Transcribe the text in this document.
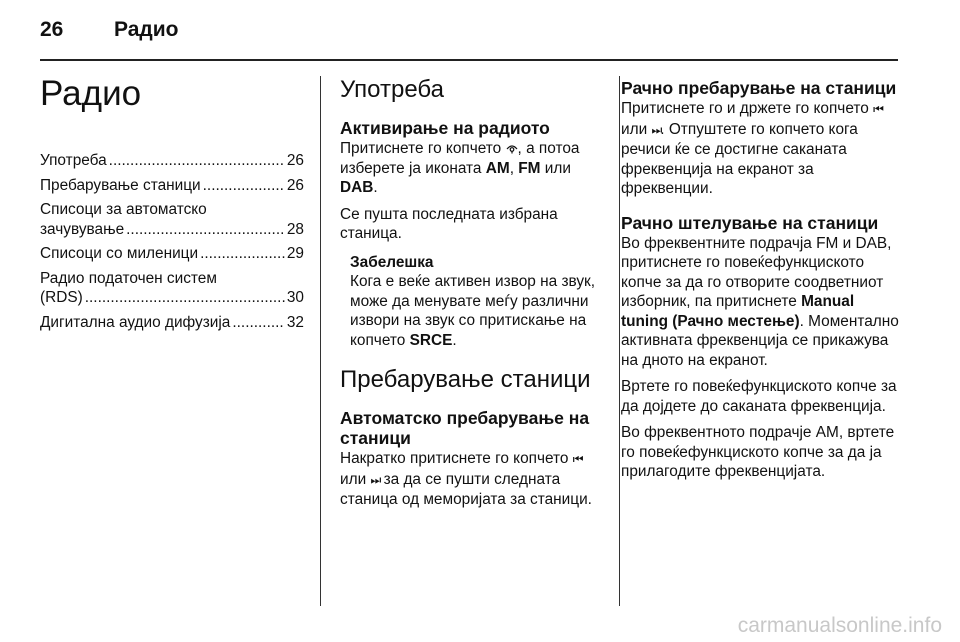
26 Радио
Радио
Употреба .....	26
Пребарување станици .....	26
Списоци за автоматско
зачувување .....	28
Списоци со миленици .....	29
Радио податочен систем
(RDS) .....	30
Дигитална аудио дифузија .....	32
Употреба
Активирање на радиото

Притиснете го копчето , а потоа изберете ја иконата AM, FM или DAB.

Се пушта последната избрана станица.

Забелешка
Кога е веќе активен извор на звук, може да менувате меѓу различни извори на звук со притискање на копчето SRCE.
Пребарување станици
Автоматско пребарување на станици

Накратко притиснете го копчето ⏮ или ⏭ за да се пушти следната станица од меморијата за станици.

Рачно пребарување на станици

Притиснете го и држете го копчето ⏮ или ⏭. Отпуштете го копчето кога речиси ќе се достигне саканата фреквенција на екранот за фреквенции.

Рачно штелување на станици

Во фреквентните подрачја FM и DAB, притиснете го повеќефункциското копче за да го отворите соодветниот изборник, па притиснете Manual tuning (Рачно местење). Моментално активната фреквенција се прикажува на дното на екранот.

Вртете го повеќефункциското копче за да дојдете до саканата фреквенција.

Во фреквентното подрачје AM, вртете го повеќефункциското копче за да ја прилагодите фреквенцијата.

carmanualsonline.info
